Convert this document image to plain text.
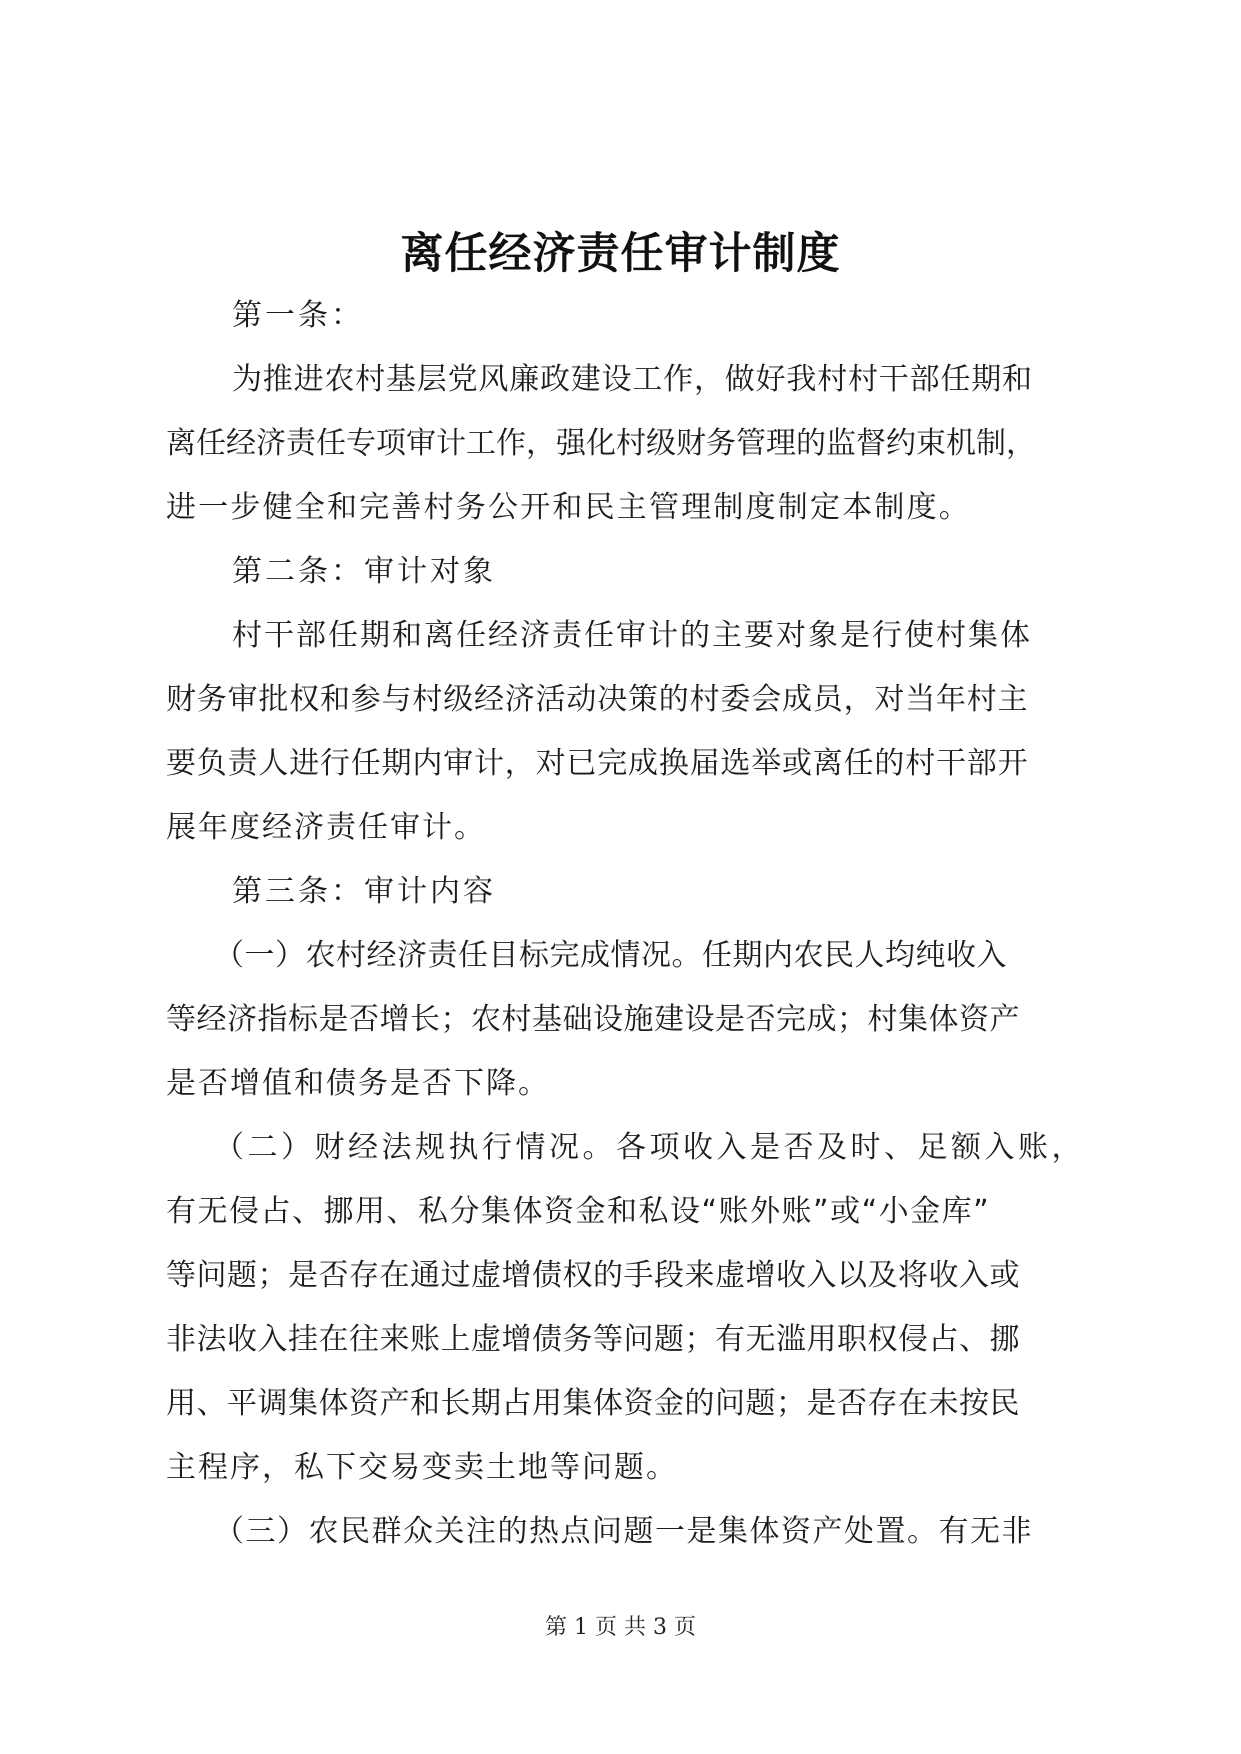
离任经济责任审计制度
第一条：
为推进农村基层党风廉政建设工作，做好我村村干部任期和
离任经济责任专项审计工作，强化村级财务管理的监督约束机制，
进一步健全和完善村务公开和民主管理制度制定本制度。
第二条：审计对象
村干部任期和离任经济责任审计的主要对象是行使村集体
财务审批权和参与村级经济活动决策的村委会成员，对当年村主
要负责人进行任期内审计，对已完成换届选举或离任的村干部开
展年度经济责任审计。
第三条：审计内容
（一）农村经济责任目标完成情况。任期内农民人均纯收入
等经济指标是否增长；农村基础设施建设是否完成；村集体资产
是否增值和债务是否下降。
（二）财经法规执行情况。各项收入是否及时、足额入账，
有无侵占、挪用、私分集体资金和私设“账外账”或“小金库”
等问题；是否存在通过虚增债权的手段来虚增收入以及将收入或
非法收入挂在往来账上虚增债务等问题；有无滥用职权侵占、挪
用、平调集体资产和长期占用集体资金的问题；是否存在未按民
主程序，私下交易变卖土地等问题。
（三）农民群众关注的热点问题一是集体资产处置。有无非
第 1 页 共 3 页
